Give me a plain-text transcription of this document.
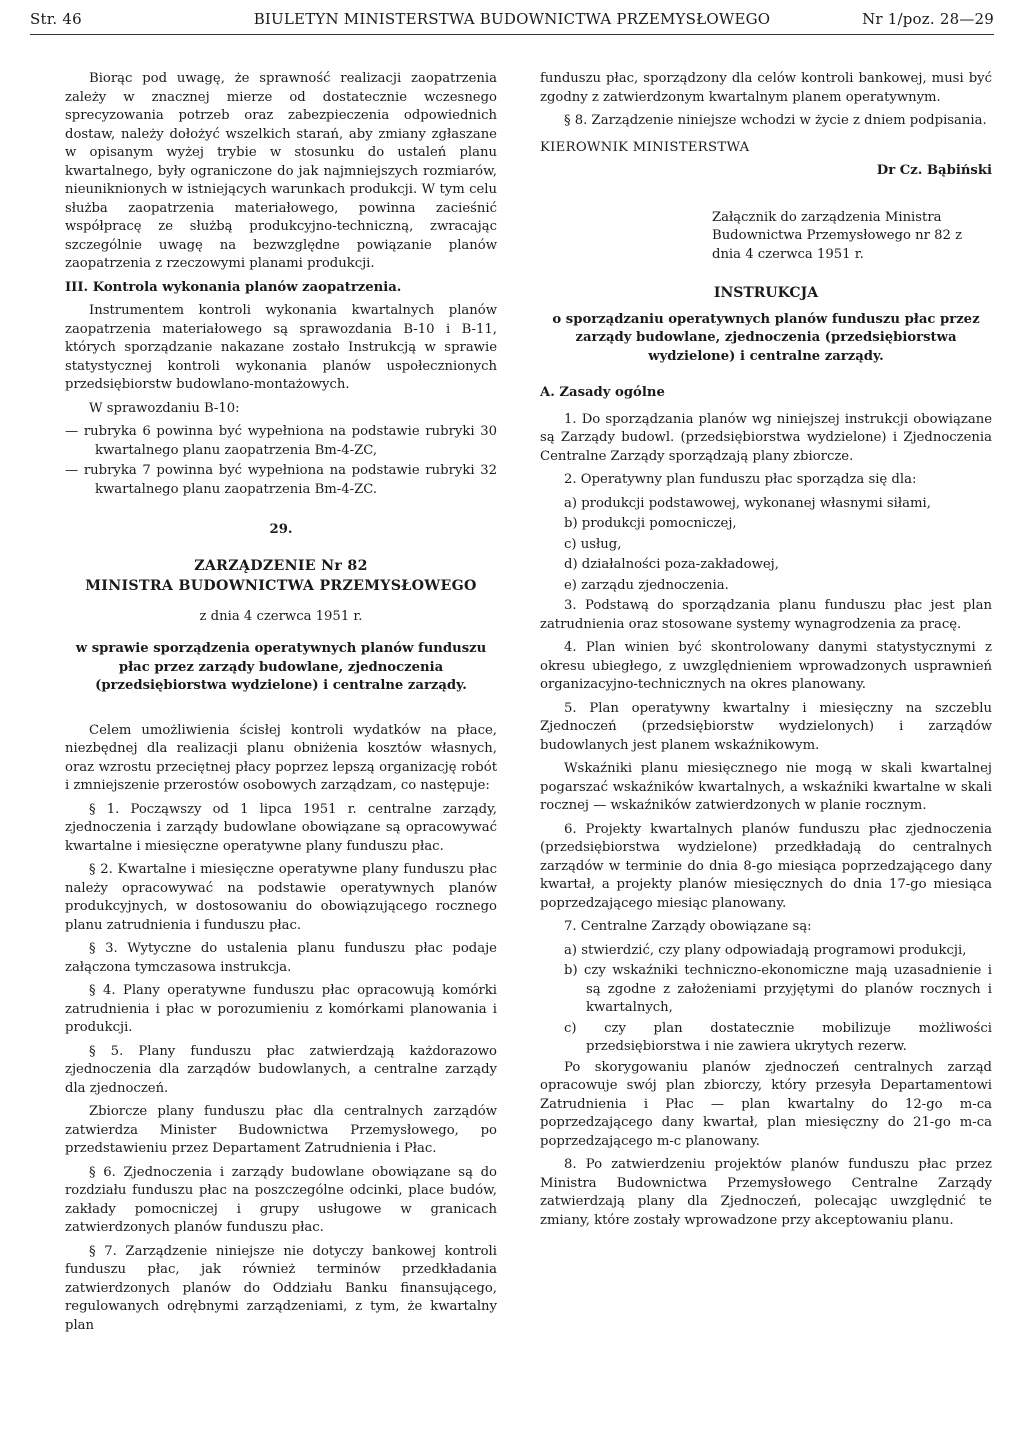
Str. 46	BIULETYN MINISTERSTWA BUDOWNICTWA PRZEMYSŁOWEGO	Nr 1/poz. 28—29

Biorąc pod uwagę, że sprawność realizacji zaopatrzenia zależy w znacznej mierze od dostatecznie wczesnego sprecyzowania potrzeb oraz zabezpieczenia odpowiednich dostaw, należy dołożyć wszelkich starań, aby zmiany zgłaszane w opisanym wyżej trybie w stosunku do ustaleń planu kwartalnego, były ograniczone do jak najmniejszych rozmiarów, nieuniknionych w istniejących warunkach produkcji. W tym celu służba zaopatrzenia materiałowego, powinna zacieśnić współpracę ze służbą produkcyjno-techniczną, zwracając szczególnie uwagę na bezwzględne powiązanie planów zaopatrzenia z rzeczowymi planami produkcji.

III. Kontrola wykonania planów zaopatrzenia.

Instrumentem kontroli wykonania kwartalnych planów zaopatrzenia materiałowego są sprawozdania B-10 i B-11, których sporządzanie nakazane zostało Instrukcją w sprawie statystycznej kontroli wykonania planów uspołecznionych przedsiębiorstw budowlano-montażowych.

W sprawozdaniu B-10:

— rubryka 6 powinna być wypełniona na podstawie rubryki 30 kwartalnego planu zaopatrzenia Bm-4-ZC,

— rubryka 7 powinna być wypełniona na podstawie rubryki 32 kwartalnego planu zaopatrzenia Bm-4-ZC.

29.

ZARZĄDZENIE Nr 82

MINISTRA BUDOWNICTWA PRZEMYSŁOWEGO

z dnia 4 czerwca 1951 r.

w sprawie sporządzenia operatywnych planów funduszu płac przez zarządy budowlane, zjednoczenia (przedsiębiorstwa wydzielone) i centralne zarządy.

Celem umożliwienia ścisłej kontroli wydatków na płace, niezbędnej dla realizacji planu obniżenia kosztów własnych, oraz wzrostu przeciętnej płacy poprzez lepszą organizację robót i zmniejszenie przerostów osobowych zarządzam, co następuje:

§ 1. Począwszy od 1 lipca 1951 r. centralne zarządy, zjednoczenia i zarządy budowlane obowiązane są opracowywać kwartalne i miesięczne operatywne plany funduszu płac.

§ 2. Kwartalne i miesięczne operatywne plany funduszu płac należy opracowywać na podstawie operatywnych planów produkcyjnych, w dostosowaniu do obowiązującego rocznego planu zatrudnienia i funduszu płac.

§ 3. Wytyczne do ustalenia planu funduszu płac podaje załączona tymczasowa instrukcja.

§ 4. Plany operatywne funduszu płac opracowują komórki zatrudnienia i płac w porozumieniu z komórkami planowania i produkcji.

§ 5. Plany funduszu płac zatwierdzają każdorazowo zjednoczenia dla zarządów budowlanych, a centralne zarządy dla zjednoczeń.

Zbiorcze plany funduszu płac dla centralnych zarządów zatwierdza Minister Budownictwa Przemysłowego, po przedstawieniu przez Departament Zatrudnienia i Płac.

§ 6. Zjednoczenia i zarządy budowlane obowiązane są do rozdziału funduszu płac na poszczególne odcinki, place budów, zakłady pomocniczej i grupy usługowe w granicach zatwierdzonych planów funduszu płac.

§ 7. Zarządzenie niniejsze nie dotyczy bankowej kontroli funduszu płac, jak również terminów przedkładania zatwierdzonych planów do Oddziału Banku finansującego, regulowanych odrębnymi zarządzeniami, z tym, że kwartalny plan

funduszu płac, sporządzony dla celów kontroli bankowej, musi być zgodny z zatwierdzonym kwartalnym planem operatywnym.

§ 8. Zarządzenie niniejsze wchodzi w życie z dniem podpisania.

KIEROWNIK MINISTERSTWA

Dr Cz. Bąbiński

Załącznik do zarządzenia Ministra Budownictwa Przemysłowego nr 82 z dnia 4 czerwca 1951 r.

INSTRUKCJA

o sporządzaniu operatywnych planów funduszu płac przez zarządy budowlane, zjednoczenia (przedsiębiorstwa wydzielone) i centralne zarządy.

A. Zasady ogólne

1. Do sporządzania planów wg niniejszej instrukcji obowiązane są Zarządy budowl. (przedsiębiorstwa wydzielone) i Zjednoczenia Centralne Zarządy sporządzają plany zbiorcze.

2. Operatywny plan funduszu płac sporządza się dla:

a) produkcji podstawowej, wykonanej własnymi siłami,

b) produkcji pomocniczej,

c) usług,

d) działalności poza-zakładowej,

e) zarządu zjednoczenia.

3. Podstawą do sporządzania planu funduszu płac jest plan zatrudnienia oraz stosowane systemy wynagrodzenia za pracę.

4. Plan winien być skontrolowany danymi statystycznymi z okresu ubiegłego, z uwzględnieniem wprowadzonych usprawnień organizacyjno-technicznych na okres planowany.

5. Plan operatywny kwartalny i miesięczny na szczeblu Zjednoczeń (przedsiębiorstw wydzielonych) i zarządów budowlanych jest planem wskaźnikowym.

Wskaźniki planu miesięcznego nie mogą w skali kwartalnej pogarszać wskaźników kwartalnych, a wskaźniki kwartalne w skali rocznej — wskaźników zatwierdzonych w planie rocznym.

6. Projekty kwartalnych planów funduszu płac zjednoczenia (przedsiębiorstwa wydzielone) przedkładają do centralnych zarządów w terminie do dnia 8-go miesiąca poprzedzającego dany kwartał, a projekty planów miesięcznych do dnia 17-go miesiąca poprzedzającego miesiąc planowany.

7. Centralne Zarządy obowiązane są:

a) stwierdzić, czy plany odpowiadają programowi produkcji,

b) czy wskaźniki techniczno-ekonomiczne mają uzasadnienie i są zgodne z założeniami przyjętymi do planów rocznych i kwartalnych,

c) czy plan dostatecznie mobilizuje możliwości przedsiębiorstwa i nie zawiera ukrytych rezerw.

Po skorygowaniu planów zjednoczeń centralnych zarząd opracowuje swój plan zbiorczy, który przesyła Departamentowi Zatrudnienia i Płac — plan kwartalny do 12-go m-ca poprzedzającego dany kwartał, plan miesięczny do 21-go m-ca poprzedzającego m-c planowany.

8. Po zatwierdzeniu projektów planów funduszu płac przez Ministra Budownictwa Przemysłowego Centralne Zarządy zatwierdzają plany dla Zjednoczeń, polecając uwzględnić te zmiany, które zostały wprowadzone przy akceptowaniu planu.
